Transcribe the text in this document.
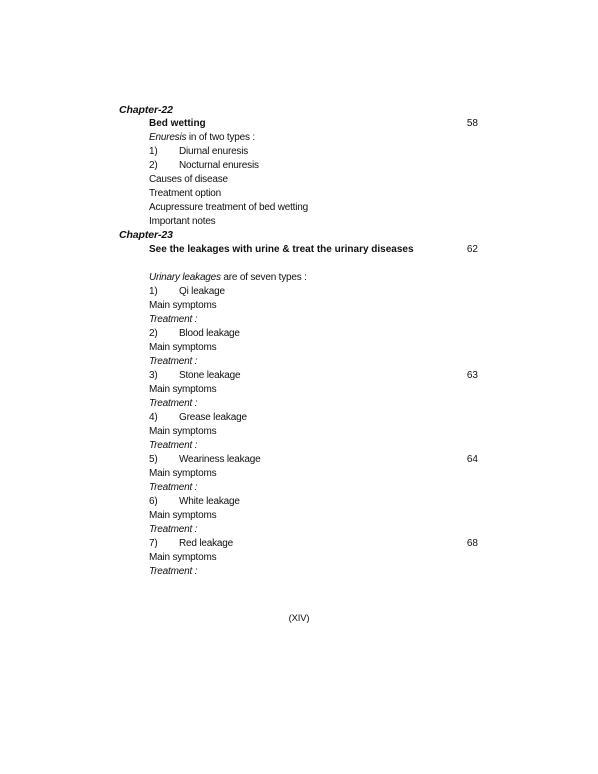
Chapter-22
Bed wetting	58
Enuresis in of two types :
1) Diurnal enuresis
2) Nocturnal enuresis
Causes of disease
Treatment option
Acupressure treatment of bed wetting
Important notes
Chapter-23
See the leakages with urine & treat the urinary diseases	62
Urinary leakages are of seven types :
1) Qi leakage
Main symptoms
Treatment :
2) Blood leakage
Main symptoms
Treatment :
3) Stone leakage	63
Main symptoms
Treatment :
4) Grease leakage
Main symptoms
Treatment :
5) Weariness leakage	64
Main symptoms
Treatment :
6) White leakage
Main symptoms
Treatment :
7) Red leakage	68
Main symptoms
Treatment :
(XIV)
